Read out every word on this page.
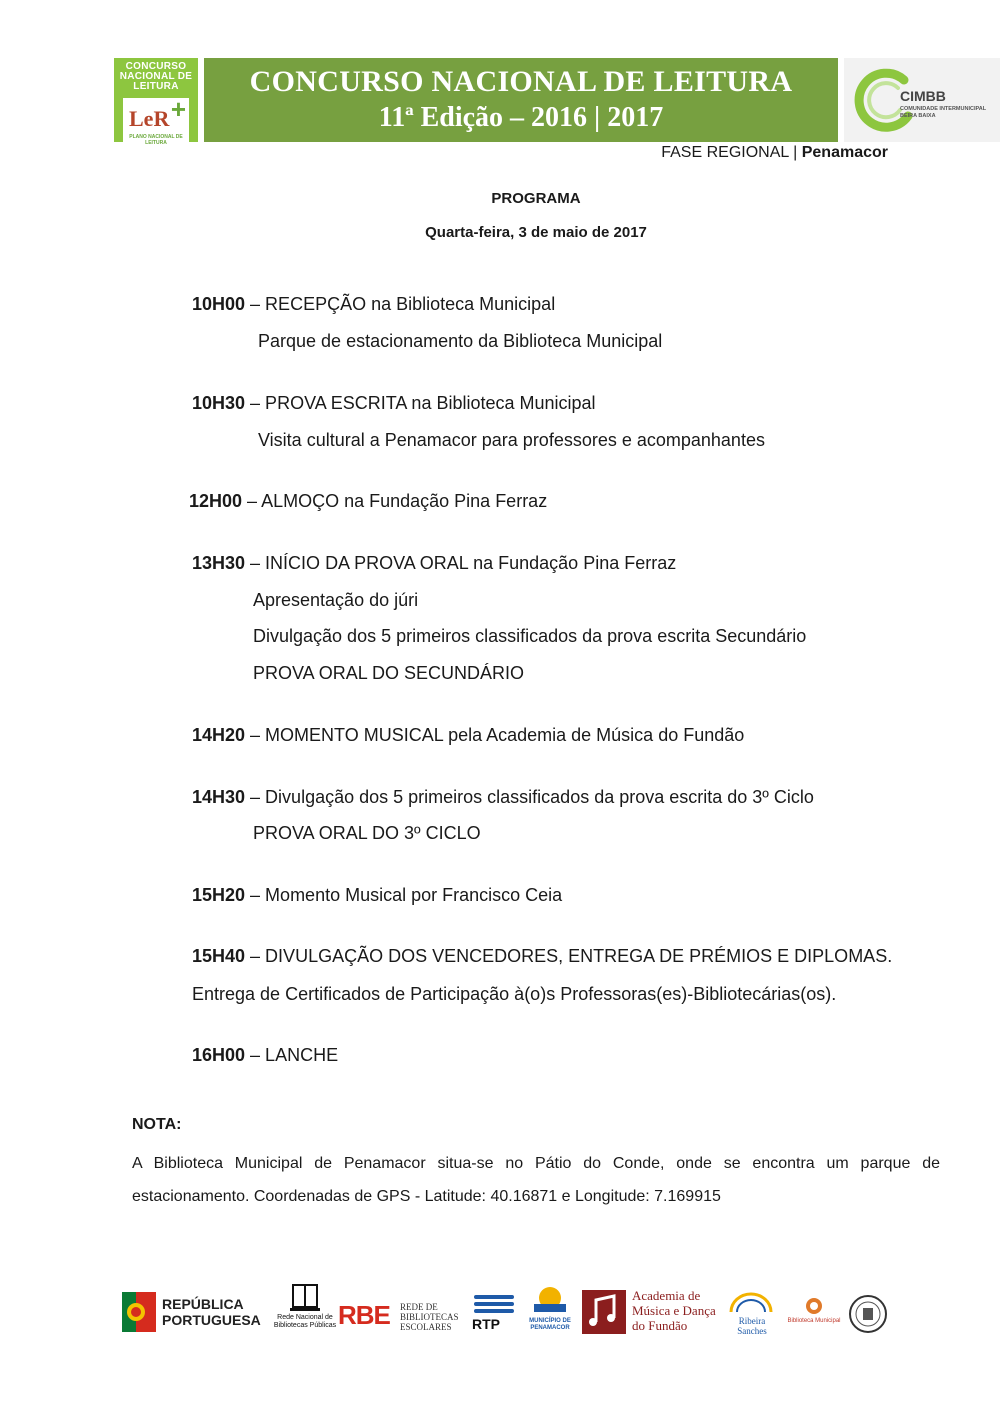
CONCURSO NACIONAL DE LEITURA
LeR +
PLANO NACIONAL DE LEITURA
CONCURSO NACIONAL DE LEITURA
11ª Edição – 2016 | 2017
CIMBB
COMUNIDADE INTERMUNICIPAL BEIRA BAIXA
FASE REGIONAL | Penamacor
PROGRAMA
Quarta-feira, 3 de maio de 2017
10H00 – RECEPÇÃO na Biblioteca Municipal
Parque de estacionamento da Biblioteca Municipal
10H30 – PROVA ESCRITA na Biblioteca Municipal
Visita cultural a Penamacor para professores e acompanhantes
12H00 – ALMOÇO na Fundação Pina Ferraz
13H30 – INÍCIO DA PROVA ORAL na Fundação Pina Ferraz
Apresentação do júri
Divulgação dos 5 primeiros classificados da prova escrita Secundário
PROVA ORAL DO SECUNDÁRIO
14H20 – MOMENTO MUSICAL pela Academia de Música do Fundão
14H30 – Divulgação dos 5 primeiros classificados da prova escrita do 3º Ciclo
PROVA ORAL DO 3º CICLO
15H20 – Momento Musical por Francisco Ceia
15H40 – DIVULGAÇÃO DOS VENCEDORES, ENTREGA DE PRÉMIOS E DIPLOMAS.
Entrega de Certificados de Participação à(o)s Professoras(es)-Bibliotecárias(os).
16H00 – LANCHE
NOTA:
A Biblioteca Municipal de Penamacor situa-se no Pátio do Conde, onde se encontra um parque de estacionamento. Coordenadas de GPS - Latitude: 40.16871 e Longitude: 7.169915
REPÚBLICA PORTUGUESA	Rede Nacional de Bibliotecas Públicas RBE REDE DE BIBLIOTECAS ESCOLARES	RTP	MUNICÍPIO DE PENAMACOR
Academia de Música e Dança do Fundão	Ribeira Sanches
Biblioteca Municipal
